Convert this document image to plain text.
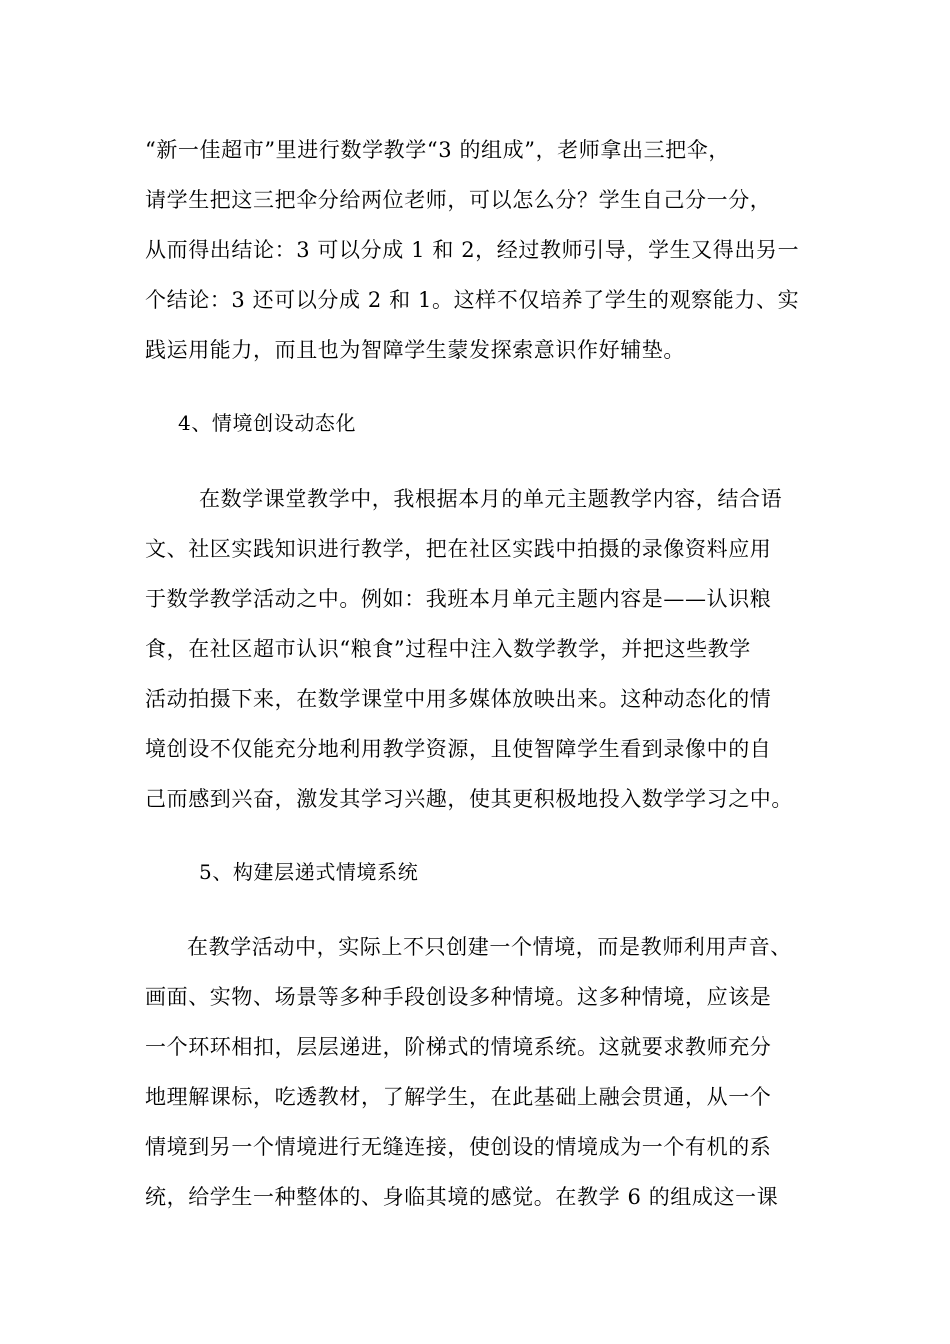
“新一佳超市”里进行数学教学“3 的组成”，老师拿出三把伞，
请学生把这三把伞分给两位老师，可以怎么分？学生自己分一分，
从而得出结论：3 可以分成 1 和 2，经过教师引导，学生又得出另一
个结论：3 还可以分成 2 和 1。这样不仅培养了学生的观察能力、实
践运用能力，而且也为智障学生蒙发探索意识作好辅垫。
4、情境创设动态化
在数学课堂教学中，我根据本月的单元主题教学内容，结合语
文、社区实践知识进行教学，把在社区实践中拍摄的录像资料应用
于数学教学活动之中。例如：我班本月单元主题内容是——认识粮
食，在社区超市认识“粮食”过程中注入数学教学，并把这些教学
活动拍摄下来，在数学课堂中用多媒体放映出来。这种动态化的情
境创设不仅能充分地利用教学资源，且使智障学生看到录像中的自
己而感到兴奋，激发其学习兴趣，使其更积极地投入数学学习之中。
5、构建层递式情境系统
在教学活动中，实际上不只创建一个情境，而是教师利用声音、
画面、实物、场景等多种手段创设多种情境。这多种情境，应该是
一个环环相扣，层层递进，阶梯式的情境系统。这就要求教师充分
地理解课标，吃透教材，了解学生，在此基础上融会贯通，从一个
情境到另一个情境进行无缝连接，使创设的情境成为一个有机的系
统，给学生一种整体的、身临其境的感觉。在教学 6 的组成这一课
